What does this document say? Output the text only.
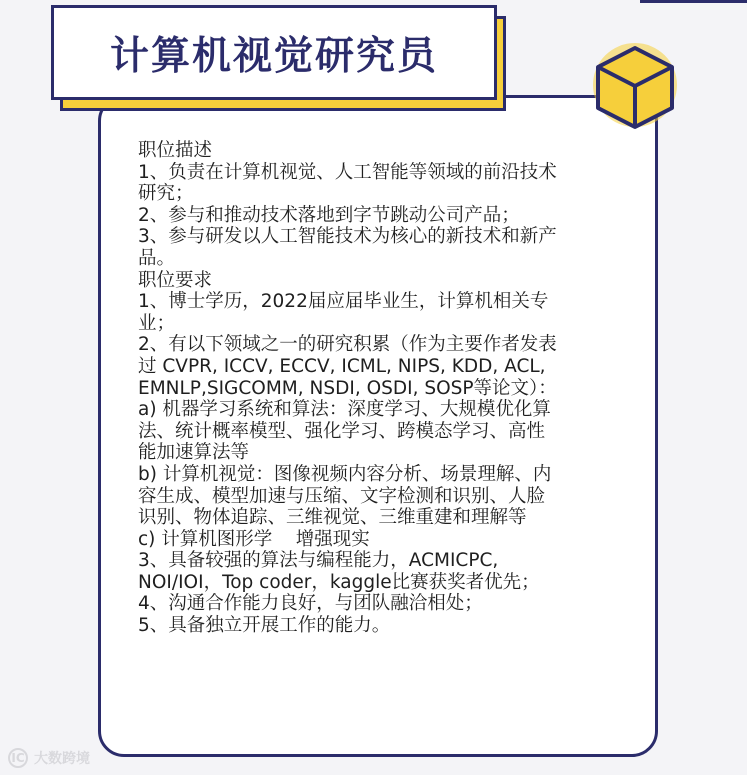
计算机视觉研究员
职位描述
1、负责在计算机视觉、人工智能等领域的前沿技术
研究；
2、参与和推动技术落地到字节跳动公司产品；
3、参与研发以人工智能技术为核心的新技术和新产
品。
职位要求
1、博士学历，2022届应届毕业生，计算机相关专
业；
2、有以下领域之一的研究积累（作为主要作者发表
过 CVPR, ICCV, ECCV, ICML, NIPS, KDD, ACL,
EMNLP,SIGCOMM, NSDI, OSDI, SOSP等论文）：
a) 机器学习系统和算法：深度学习、大规模优化算
法、统计概率模型、强化学习、跨模态学习、高性
能加速算法等
b) 计算机视觉：图像视频内容分析、场景理解、内
容生成、模型加速与压缩、文字检测和识别、人脸
识别、物体追踪、三维视觉、三维重建和理解等
c) 计算机图形学    增强现实
3、具备较强的算法与编程能力，ACMICPC,
NOI/IOI，Top coder，kaggle比赛获奖者优先；
4、沟通合作能力良好，与团队融洽相处；
5、具备独立开展工作的能力。
IC 大数跨境
